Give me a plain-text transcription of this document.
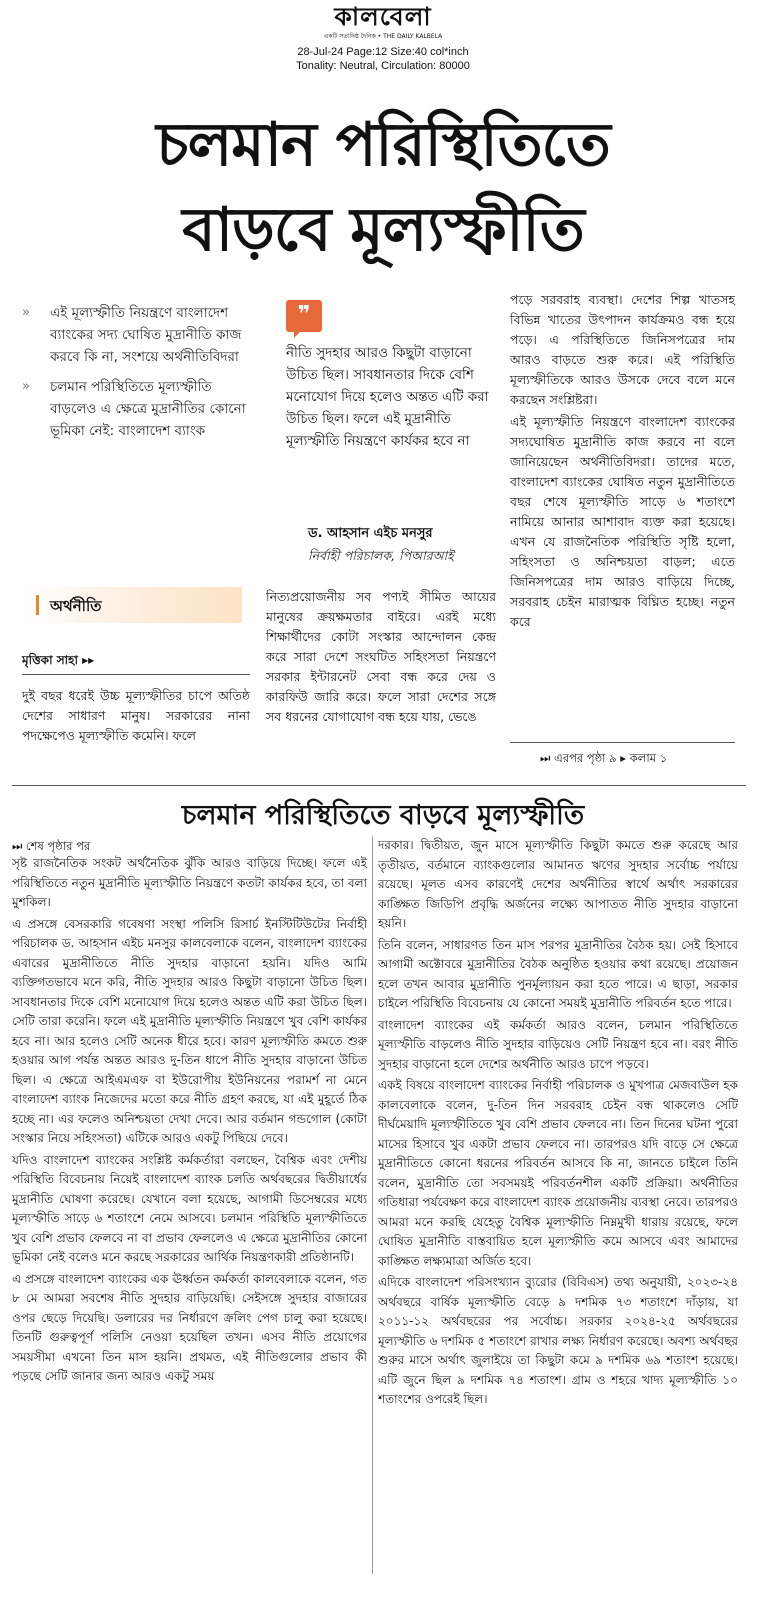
কালবেলা
একটি সত্যনিষ্ঠ দৈনিক • THE DAILY KALBELA
28-Jul-24 Page:12 Size:40 col*inch
Tonality: Neutral, Circulation: 80000
চলমান পরিস্থিতিতে
বাড়বে মূল্যস্ফীতি
»	এই মূল্যস্ফীতি নিয়ন্ত্রণে বাংলাদেশ ব্যাংকের সদ্য ঘোষিত মুদ্রানীতি কাজ করবে কি না, সংশয়ে অর্থনীতিবিদরা
»	চলমান পরিস্থিতিতে মূল্যস্ফীতি বাড়লেও এ ক্ষেত্রে মুদ্রানীতির কোনো ভূমিকা নেই: বাংলাদেশ ব্যাংক
অর্থনীতি
মৃত্তিকা সাহা ▸▸
দুই বছর ধরেই উচ্চ মূল্যস্ফীতির চাপে অতিষ্ঠ দেশের সাধারণ মানুষ। সরকারের নানা পদক্ষেপেও মূল্যস্ফীতি কমেনি। ফলে
❞
নীতি সুদহার আরও কিছুটা বাড়ানো উচিত ছিল। সাবধানতার দিকে বেশি মনোযোগ দিয়ে হলেও অন্তত এটি করা উচিত ছিল। ফলে এই মুদ্রানীতি মূল্যস্ফীতি নিয়ন্ত্রণে কার্যকর হবে না
ড. আহসান এইচ মনসুর
নির্বাহী পরিচালক, পিআরআই
নিত্যপ্রয়োজনীয় সব পণ্যই সীমিত আয়ের মানুষের ক্রয়ক্ষমতার বাইরে। এরই মধ্যে শিক্ষার্থীদের কোটা সংস্কার আন্দোলন কেন্দ্র করে সারা দেশে সংঘটিত সহিংসতা নিয়ন্ত্রণে সরকার ইন্টারনেট সেবা বন্ধ করে দেয় ও কারফিউ জারি করে। ফলে সারা দেশের সঙ্গে সব ধরনের যোগাযোগ বন্ধ হয়ে যায়, ভেঙে

পড়ে সরবরাহ ব্যবস্থা। দেশের শিল্প খাতসহ বিভিন্ন খাতের উৎপাদন কার্যক্রমও বন্ধ হয়ে পড়ে। এ পরিস্থিতিতে জিনিসপত্রের দাম আরও বাড়তে শুরু করে। এই পরিস্থিতি মূল্যস্ফীতিকে আরও উসকে দেবে বলে মনে করছেন সংশ্লিষ্টরা।

এই মূল্যস্ফীতি নিয়ন্ত্রণে বাংলাদেশ ব্যাংকের সদ্যঘোষিত মুদ্রানীতি কাজ করবে না বলে জানিয়েছেন অর্থনীতিবিদরা। তাদের মতে, বাংলাদেশ ব্যাংকের ঘোষিত নতুন মুদ্রানীতিতে বছর শেষে মূল্যস্ফীতি সাড়ে ৬ শতাংশে নামিয়ে আনার আশাবাদ ব্যক্ত করা হয়েছে। এখন যে রাজনৈতিক পরিস্থিতি সৃষ্টি হলো, সহিংসতা ও অনিশ্চয়তা বাড়ল; এতে জিনিসপত্রের দাম আরও বাড়িয়ে দিচ্ছে, সরবরাহ চেইন মারাত্মক বিঘ্নিত হচ্ছে। নতুন করে

⏭ এরপর পৃষ্ঠা ৯ ▸ কলাম ১
চলমান পরিস্থিতিতে বাড়বে মূল্যস্ফীতি
⏭ শেষ পৃষ্ঠার পর

সৃষ্ট রাজনৈতিক সংকট অর্থনৈতিক ঝুঁকি আরও বাড়িয়ে দিচ্ছে। ফলে এই পরিস্থিতিতে নতুন মুদ্রানীতি মূল্যস্ফীতি নিয়ন্ত্রণে কতটা কার্যকর হবে, তা বলা মুশকিল।

এ প্রসঙ্গে বেসরকারি গবেষণা সংস্থা পলিসি রিসার্চ ইনস্টিটিউটের নির্বাহী পরিচালক ড. আহসান এইচ মনসুর কালবেলাকে বলেন, বাংলাদেশ ব্যাংকের এবারের মুদ্রানীতিতে নীতি সুদহার বাড়ানো হয়নি। যদিও আমি ব্যক্তিগতভাবে মনে করি, নীতি সুদহার আরও কিছুটা বাড়ানো উচিত ছিল। সাবধানতার দিকে বেশি মনোযোগ দিয়ে হলেও অন্তত এটি করা উচিত ছিল। সেটি তারা করেনি। ফলে এই মুদ্রানীতি মূল্যস্ফীতি নিয়ন্ত্রণে খুব বেশি কার্যকর হবে না। আর হলেও সেটি অনেক ধীরে হবে। কারণ মূল্যস্ফীতি কমতে শুরু হওয়ার আগ পর্যন্ত অন্তত আরও দু-তিন ধাপে নীতি সুদহার বাড়ানো উচিত ছিল। এ ক্ষেত্রে আইএমএফ বা ইউরোপীয় ইউনিয়নের পরামর্শ না মেনে বাংলাদেশ ব্যাংক নিজেদের মতো করে নীতি গ্রহণ করছে, যা এই মুহূর্তে ঠিক হচ্ছে না। এর ফলেও অনিশ্চয়তা দেখা দেবে। আর বর্তমান গন্ডগোল (কোটা সংস্কার নিয়ে সহিংসতা) এটিকে আরও একটু পিছিয়ে দেবে।

যদিও বাংলাদেশ ব্যাংকের সংশ্লিষ্ট কর্মকর্তারা বলছেন, বৈশ্বিক এবং দেশীয় পরিস্থিতি বিবেচনায় নিয়েই বাংলাদেশ ব্যাংক চলতি অর্থবছরের দ্বিতীয়ার্ধের মুদ্রানীতি ঘোষণা করেছে। যেখানে বলা হয়েছে, আগামী ডিসেম্বরের মধ্যে মূল্যস্ফীতি সাড়ে ৬ শতাংশে নেমে আসবে। চলমান পরিস্থিতি মূল্যস্ফীতিতে খুব বেশি প্রভাব ফেলবে না বা প্রভাব ফেললেও এ ক্ষেত্রে মুদ্রানীতির কোনো ভূমিকা নেই বলেও মনে করছে সরকারের আর্থিক নিয়ন্ত্রণকারী প্রতিষ্ঠানটি।

এ প্রসঙ্গে বাংলাদেশ ব্যাংকের এক ঊর্ধ্বতন কর্মকর্তা কালবেলাকে বলেন, গত ৮ মে আমরা সবশেষ নীতি সুদহার বাড়িয়েছি। সেইসঙ্গে সুদহার বাজারের ওপর ছেড়ে দিয়েছি। ডলারের দর নির্ধারণে ক্রলিং পেগ চালু করা হয়েছে। তিনটি গুরুত্বপূর্ণ পলিসি নেওয়া হয়েছিল তখন। এসব নীতি প্রয়োগের সময়সীমা এখনো তিন মাস হয়নি। প্রথমত, এই নীতিগুলোর প্রভাব কী পড়ছে সেটি জানার জন্য আরও একটু সময়

দরকার। দ্বিতীয়ত, জুন মাসে মূল্যস্ফীতি কিছুটা কমতে শুরু করেছে আর তৃতীয়ত, বর্তমানে ব্যাংকগুলোর আমানত ঋণের সুদহার সর্বোচ্চ পর্যায়ে রয়েছে। মূলত এসব কারণেই দেশের অর্থনীতির স্বার্থে অর্থাৎ সরকারের কাঙ্ক্ষিত জিডিপি প্রবৃদ্ধি অর্জনের লক্ষ্যে আপাতত নীতি সুদহার বাড়ানো হয়নি।

তিনি বলেন, সাধারণত তিন মাস পরপর মুদ্রানীতির বৈঠক হয়। সেই হিসাবে আগামী অক্টোবরে মুদ্রানীতির বৈঠক অনুষ্ঠিত হওয়ার কথা রয়েছে। প্রয়োজন হলে তখন আবার মুদ্রানীতি পুনর্মূল্যায়ন করা হতে পারে। এ ছাড়া, সরকার চাইলে পরিস্থিতি বিবেচনায় যে কোনো সময়ই মুদ্রানীতি পরিবর্তন হতে পারে।

বাংলাদেশ ব্যাংকের এই কর্মকর্তা আরও বলেন, চলমান পরিস্থিতিতে মূল্যস্ফীতি বাড়লেও নীতি সুদহার বাড়িয়েও সেটি নিয়ন্ত্রণ হবে না। বরং নীতি সুদহার বাড়ানো হলে দেশের অর্থনীতি আরও চাপে পড়বে।

একই বিষয়ে বাংলাদেশ ব্যাংকের নির্বাহী পরিচালক ও মুখপাত্র মেজবাউল হক কালবেলাকে বলেন, দু-তিন দিন সরবরাহ চেইন বন্ধ থাকলেও সেটি দীর্ঘমেয়াদি মূল্যস্ফীতিতে খুব বেশি প্রভাব ফেলবে না। তিন দিনের ঘটনা পুরো মাসের হিসাবে খুব একটা প্রভাব ফেলবে না। তারপরও যদি বাড়ে সে ক্ষেত্রে মুদ্রানীতিতে কোনো ধরনের পরিবর্তন আসবে কি না, জানতে চাইলে তিনি বলেন, মুদ্রানীতি তো সবসময়ই পরিবর্তনশীল একটি প্রক্রিয়া। অর্থনীতির গতিধারা পর্যবেক্ষণ করে বাংলাদেশ ব্যাংক প্রয়োজনীয় ব্যবস্থা নেবে। তারপরও আমরা মনে করছি যেহেতু বৈশ্বিক মূল্যস্ফীতি নিম্নমুখী ধারায় রয়েছে, ফলে ঘোষিত মুদ্রানীতি বাস্তবায়িত হলে মূল্যস্ফীতি কমে আসবে এবং আমাদের কাঙ্ক্ষিত লক্ষ্যমাত্রা অর্জিত হবে।

এদিকে বাংলাদেশ পরিসংখ্যান ব্যুরোর (বিবিএস) তথ্য অনুযায়ী, ২০২৩-২৪ অর্থবছরে বার্ষিক মূল্যস্ফীতি বেড়ে ৯ দশমিক ৭৩ শতাংশে দাঁড়ায়, যা ২০১১-১২ অর্থবছরের পর সর্বোচ্চ। সরকার ২০২৪-২৫ অর্থবছরের মূল্যস্ফীতি ৬ দশমিক ৫ শতাংশে রাখার লক্ষ্য নির্ধারণ করেছে। অবশ্য অর্থবছর শুরুর মাসে অর্থাৎ জুলাইয়ে তা কিছুটা কমে ৯ দশমিক ৬৯ শতাংশ হয়েছে। এটি জুনে ছিল ৯ দশমিক ৭৪ শতাংশ। গ্রাম ও শহরে খাদ্য মূল্যস্ফীতি ১০ শতাংশের ওপরেই ছিল।
